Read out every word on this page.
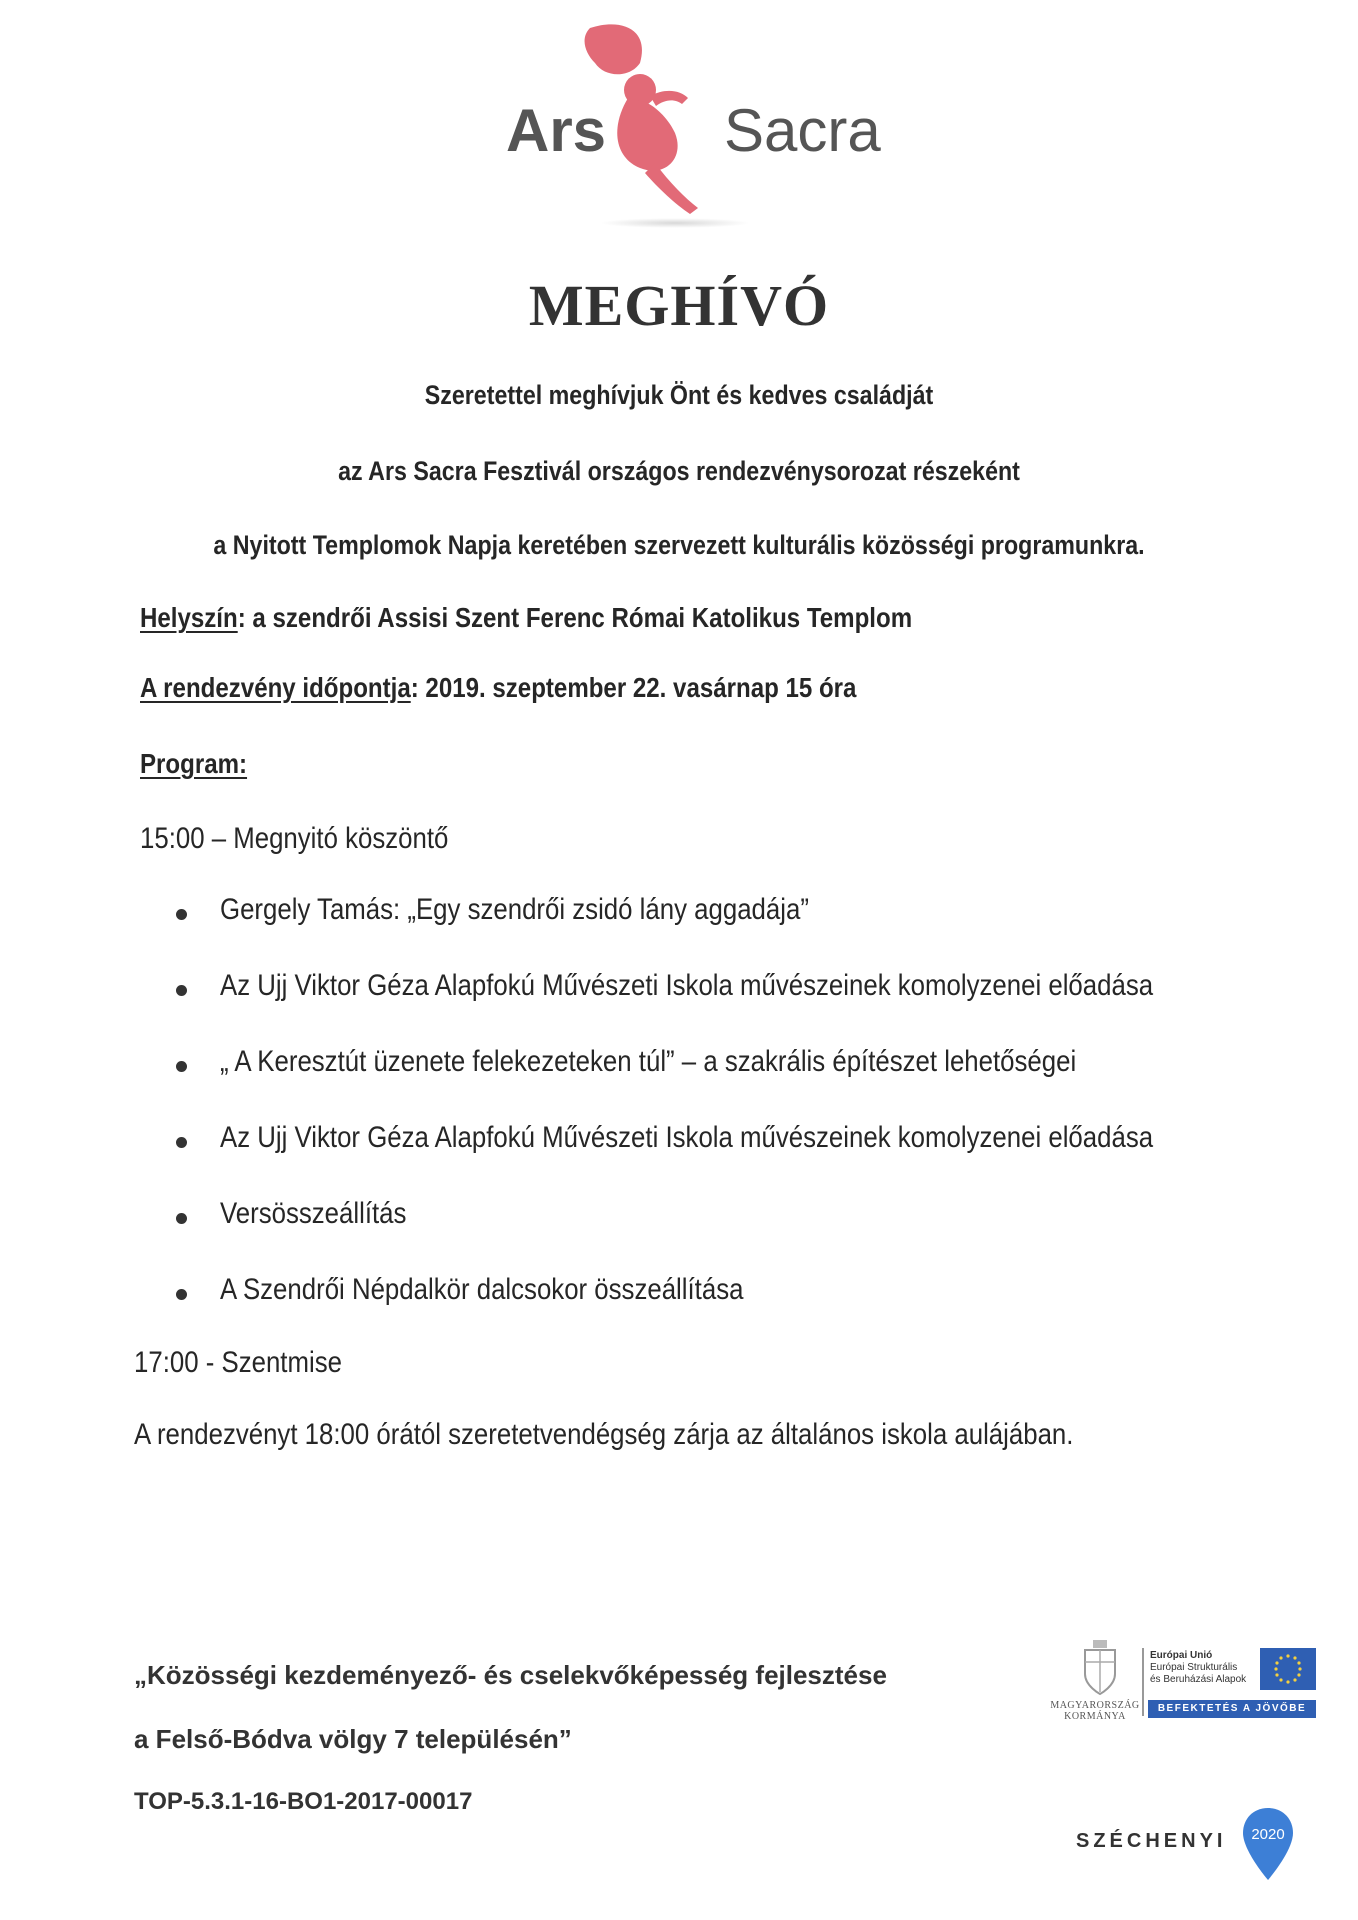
Ars Sacra
MEGHÍVÓ
Szeretettel meghívjuk Önt és kedves családját
az Ars Sacra Fesztivál országos rendezvénysorozat részeként
a Nyitott Templomok Napja keretében szervezett kulturális közösségi programunkra.
Helyszín: a szendrői Assisi Szent Ferenc Római Katolikus Templom
A rendezvény időpontja: 2019. szeptember 22. vasárnap 15 óra
Program:
15:00 – Megnyitó köszöntő
Gergely Tamás: „Egy szendrői zsidó lány aggadája”
Az Ujj Viktor Géza Alapfokú Művészeti Iskola művészeinek komolyzenei előadása
„ A Keresztút üzenete felekezeteken túl” – a szakrális építészet lehetőségei
Az Ujj Viktor Géza Alapfokú Művészeti Iskola művészeinek komolyzenei előadása
Versösszeállítás
A Szendrői Népdalkör dalcsokor összeállítása
17:00 - Szentmise
A rendezvényt 18:00 órától szeretetvendégség zárja az általános iskola aulájában.
„Közösségi kezdeményező- és cselekvőképesség fejlesztése
a Felső-Bódva völgy 7 településén”
TOP-5.3.1-16-BO1-2017-00017
MAGYARORSZÁG
KORMÁNYA
Európai Unió
Európai Strukturális
és Beruházási Alapok
BEFEKTETÉS A JÖVŐBE
SZÉCHENYI 2020
